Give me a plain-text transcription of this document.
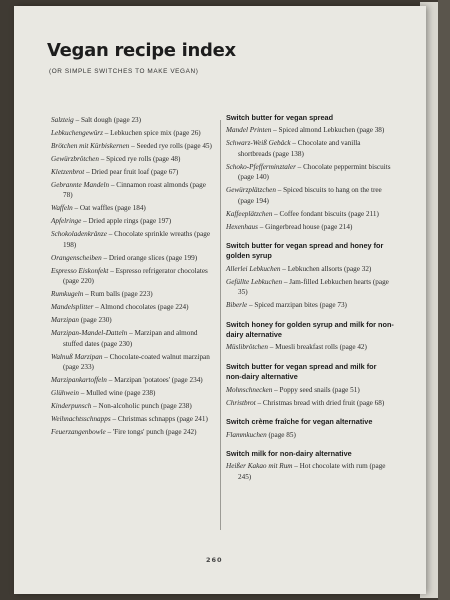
Vegan recipe index
(OR SIMPLE SWITCHES TO MAKE VEGAN)

Salzteig – Salt dough (page 23)

Lebkuchengewürz – Lebkuchen spice mix (page 26)

Brötchen mit Kürbiskernen – Seeded rye rolls (page 45)

Gewürzbrötchen – Spiced rye rolls (page 48)

Kletzenbrot – Dried pear fruit loaf (page 67)

Gebrannte Mandeln – Cinnamon roast almonds (page 78)

Waffeln – Oat waffles (page 184)

Apfelringe – Dried apple rings (page 197)

Schokoladenkränze – Chocolate sprinkle wreaths (page 198)

Orangenscheiben – Dried orange slices (page 199)

Espresso Eiskonfekt – Espresso refrigerator chocolates (page 220)

Rumkugeln – Rum balls (page 223)

Mandelsplitter – Almond chocolates (page 224)

Marzipan (page 230)

Marzipan-Mandel-Datteln – Marzipan and almond stuffed dates (page 230)

Walnuß Marzipan – Chocolate-coated walnut marzipan (page 233)

Marzipankartoffeln – Marzipan 'potatoes' (page 234)

Glühwein – Mulled wine (page 238)

Kinderpunsch – Non-alcoholic punch (page 238)

Weihnachtsschnapps – Christmas schnapps (page 241)

Feuerzangenbowle – 'Fire tongs' punch (page 242)

Switch butter for vegan spread

Mandel Printen – Spiced almond Lebkuchen (page 38)

Schwarz-Weiß Gebäck – Chocolate and vanilla shortbreads (page 138)

Schoko-Pfefferminztaler – Chocolate peppermint biscuits (page 140)

Gewürzplätzchen – Spiced biscuits to hang on the tree (page 194)

Kaffeeplätzchen – Coffee fondant biscuits (page 211)

Hexenhaus – Gingerbread house (page 214)

Switch butter for vegan spread and honey for golden syrup

Allerlei Lebkuchen – Lebkuchen allsorts (page 32)

Gefüllte Lebkuchen – Jam-filled Lebkuchen hearts (page 35)

Biberle – Spiced marzipan bites (page 73)

Switch honey for golden syrup and milk for non-dairy alternative

Müslibrötchen – Muesli breakfast rolls (page 42)

Switch butter for vegan spread and milk for non-dairy alternative

Mohnschnecken – Poppy seed snails (page 51)

Christbrot – Christmas bread with dried fruit (page 68)

Switch crème fraîche for vegan alternative

Flammkuchen (page 85)

Switch milk for non-dairy alternative

Heißer Kakao mit Rum – Hot chocolate with rum (page 245)

260
